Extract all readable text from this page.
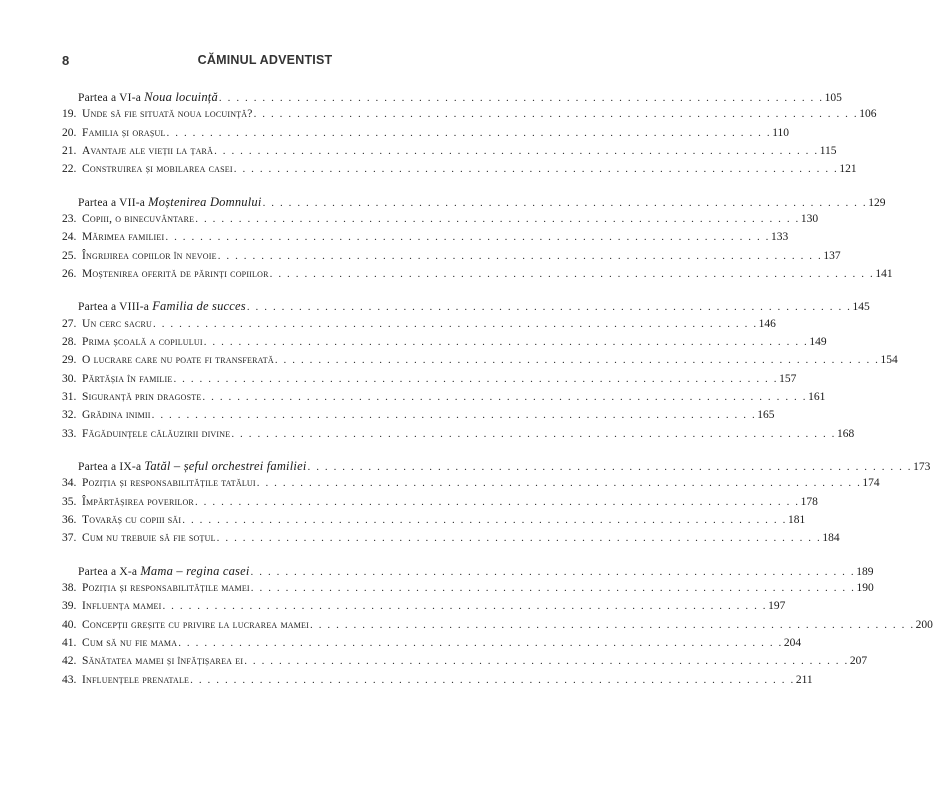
8	CĂMINUL ADVENTIST
Partea a VI-a Noua locuință . . . . . . . . . . . . . . . . . . . . . . . . . . . . . . . . . . . . . . . . . . . . . . . . . . . . . . . . . . . . . . . . . . . . . . 105
19. Unde să fie situată noua locuință? . . . . . . . . . . . . . . . . . . . . . . . . . . . . . . . . . . . . . . . . . . . . . . . . . . . . . . . . . . . . . . . . . . . . . . 106
20. Familia și orașul . . . . . . . . . . . . . . . . . . . . . . . . . . . . . . . . . . . . . . . . . . . . . . . . . . . . . . . . . . . . . . . . . . . . . . 110
21. Avantaje ale vieții la țară . . . . . . . . . . . . . . . . . . . . . . . . . . . . . . . . . . . . . . . . . . . . . . . . . . . . . . . . . . . . . . . . . . . . . . 115
22. Construirea și mobilarea casei . . . . . . . . . . . . . . . . . . . . . . . . . . . . . . . . . . . . . . . . . . . . . . . . . . . . . . . . . . . . . . . . . . . . . . 121
Partea a VII-a Moștenirea Domnului . . . . . . . . . . . . . . . . . . . . . . . . . . . . . . . . . . . . . . . . . . . . . . . . . . . . . . . . . . . . . . . . . . . . . . 129
23. Copiii, o binecuvântare . . . . . . . . . . . . . . . . . . . . . . . . . . . . . . . . . . . . . . . . . . . . . . . . . . . . . . . . . . . . . . . . . . . . . . 130
24. Mărimea familiei . . . . . . . . . . . . . . . . . . . . . . . . . . . . . . . . . . . . . . . . . . . . . . . . . . . . . . . . . . . . . . . . . . . . . . 133
25. Îngrijirea copiilor în nevoie . . . . . . . . . . . . . . . . . . . . . . . . . . . . . . . . . . . . . . . . . . . . . . . . . . . . . . . . . . . . . . . . . . . . . . 137
26. Moștenirea oferită de părinți copiilor . . . . . . . . . . . . . . . . . . . . . . . . . . . . . . . . . . . . . . . . . . . . . . . . . . . . . . . . . . . . . . . . . . . . . . 141
Partea a VIII-a Familia de succes . . . . . . . . . . . . . . . . . . . . . . . . . . . . . . . . . . . . . . . . . . . . . . . . . . . . . . . . . . . . . . . . . . . . . . 145
27. Un cerc sacru . . . . . . . . . . . . . . . . . . . . . . . . . . . . . . . . . . . . . . . . . . . . . . . . . . . . . . . . . . . . . . . . . . . . . . 146
28. Prima școală a copilului . . . . . . . . . . . . . . . . . . . . . . . . . . . . . . . . . . . . . . . . . . . . . . . . . . . . . . . . . . . . . . . . . . . . . . 149
29. O lucrare care nu poate fi transferată . . . . . . . . . . . . . . . . . . . . . . . . . . . . . . . . . . . . . . . . . . . . . . . . . . . . . . . . . . . . . . . . . . . . . . 154
30. Părtășia în familie . . . . . . . . . . . . . . . . . . . . . . . . . . . . . . . . . . . . . . . . . . . . . . . . . . . . . . . . . . . . . . . . . . . . . . 157
31. Siguranță prin dragoste . . . . . . . . . . . . . . . . . . . . . . . . . . . . . . . . . . . . . . . . . . . . . . . . . . . . . . . . . . . . . . . . . . . . . . 161
32. Grădina inimii . . . . . . . . . . . . . . . . . . . . . . . . . . . . . . . . . . . . . . . . . . . . . . . . . . . . . . . . . . . . . . . . . . . . . . 165
33. Făgăduințele călăuzirii divine . . . . . . . . . . . . . . . . . . . . . . . . . . . . . . . . . . . . . . . . . . . . . . . . . . . . . . . . . . . . . . . . . . . . . . 168
Partea a IX-a Tatăl – șeful orchestrei familiei . . . . . . . . . . . . . . . . . . . . . . . . . . . . . . . . . . . . . . . . . . . . . . . . . . . . . . . . . . . . . . . . . . . . . . 173
34. Poziția și responsabilitățile tatălui . . . . . . . . . . . . . . . . . . . . . . . . . . . . . . . . . . . . . . . . . . . . . . . . . . . . . . . . . . . . . . . . . . . . . . 174
35. Împărtășirea poverilor . . . . . . . . . . . . . . . . . . . . . . . . . . . . . . . . . . . . . . . . . . . . . . . . . . . . . . . . . . . . . . . . . . . . . . 178
36. Tovarăș cu copiii săi . . . . . . . . . . . . . . . . . . . . . . . . . . . . . . . . . . . . . . . . . . . . . . . . . . . . . . . . . . . . . . . . . . . . . . 181
37. Cum nu trebuie să fie soțul . . . . . . . . . . . . . . . . . . . . . . . . . . . . . . . . . . . . . . . . . . . . . . . . . . . . . . . . . . . . . . . . . . . . . . 184
Partea a X-a Mama – regina casei . . . . . . . . . . . . . . . . . . . . . . . . . . . . . . . . . . . . . . . . . . . . . . . . . . . . . . . . . . . . . . . . . . . . . . 189
38. Poziția și responsabilitățile mamei . . . . . . . . . . . . . . . . . . . . . . . . . . . . . . . . . . . . . . . . . . . . . . . . . . . . . . . . . . . . . . . . . . . . . . 190
39. Influența mamei . . . . . . . . . . . . . . . . . . . . . . . . . . . . . . . . . . . . . . . . . . . . . . . . . . . . . . . . . . . . . . . . . . . . . . 197
40. Concepții greșite cu privire la lucrarea mamei . . . . . . . . . . . . . . . . . . . . . . . . . . . . . . . . . . . . . . . . . . . . . . . . . . . . . . . . . . . . . . . . . . . . . . 200
41. Cum să nu fie mama . . . . . . . . . . . . . . . . . . . . . . . . . . . . . . . . . . . . . . . . . . . . . . . . . . . . . . . . . . . . . . . . . . . . . . 204
42. Sănătatea mamei și înfățișarea ei . . . . . . . . . . . . . . . . . . . . . . . . . . . . . . . . . . . . . . . . . . . . . . . . . . . . . . . . . . . . . . . . . . . . . . 207
43. Influențele prenatale . . . . . . . . . . . . . . . . . . . . . . . . . . . . . . . . . . . . . . . . . . . . . . . . . . . . . . . . . . . . . . . . . . . . . . 211
